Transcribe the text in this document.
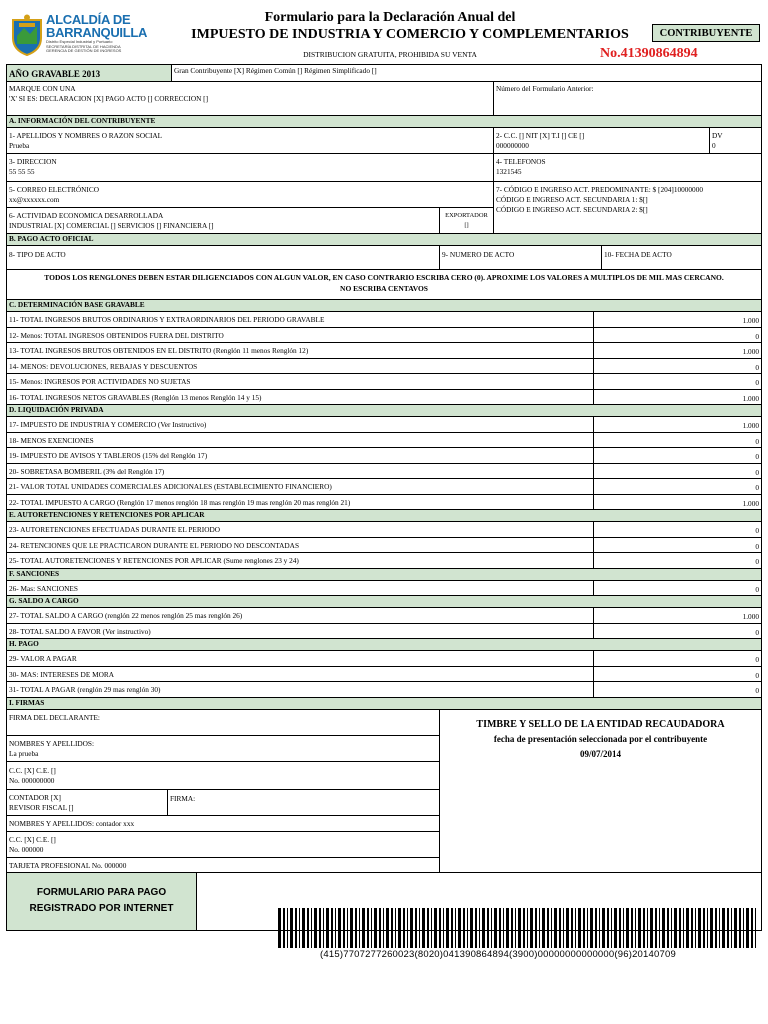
ALCALDÍA DE
BARRANQUILLA
Distrito Especial Industrial y Portuario
SECRETARÍA DISTRITAL DE HACIENDA
GERENCIA DE GESTIÓN DE INGRESOS
Formulario para la Declaración Anual del
IMPUESTO DE INDUSTRIA Y COMERCIO Y COMPLEMENTARIOS
DISTRIBUCION GRATUITA, PROHIBIDA SU VENTA
CONTRIBUYENTE
No.41390864894
AÑO GRAVABLE 2013	Gran Contribuyente [X] Régimen Común [] Régimen Simplificado []
MARQUE CON UNA
'X' SI ES: DECLARACION [X] PAGO ACTO [] CORRECCION []
Número del Formulario Anterior:
A. INFORMACIÓN DEL CONTRIBUYENTE
1- APELLIDOS Y NOMBRES O RAZON SOCIAL
Prueba
2- C.C. [] NIT [X] T.I [] CE []
000000000
DV
0
3- DIRECCION
55 55 55
4- TELEFONOS
1321545
5- CORREO ELECTRÓNICO
xx@xxxxxx.com
6- ACTIVIDAD ECONOMICA DESARROLLADA
INDUSTRIAL [X] COMERCIAL [] SERVICIOS [] FINANCIERA []
EXPORTADOR
[]
7- CÓDIGO E INGRESO ACT. PREDOMINANTE: $ [204]10000000
CÓDIGO E INGRESO ACT. SECUNDARIA 1: $[]
CÓDIGO E INGRESO ACT. SECUNDARIA 2: $[]
B. PAGO ACTO OFICIAL
8- TIPO DE ACTO	9- NUMERO DE ACTO	10- FECHA DE ACTO
TODOS LOS RENGLONES DEBEN ESTAR DILIGENCIADOS CON ALGUN VALOR, EN CASO CONTRARIO ESCRIBA CERO (0). APROXIME LOS VALORES A MULTIPLOS DE MIL MAS CERCANO.
NO ESCRIBA CENTAVOS
C. DETERMINACIÓN BASE GRAVABLE
11- TOTAL INGRESOS BRUTOS ORDINARIOS Y EXTRAORDINARIOS DEL PERIODO GRAVABLE	1.000
12- Menos: TOTAL INGRESOS OBTENIDOS FUERA DEL DISTRITO	0
13- TOTAL INGRESOS BRUTOS OBTENIDOS EN EL DISTRITO (Renglón 11 menos Renglón 12)	1.000
14- MENOS: DEVOLUCIONES, REBAJAS Y DESCUENTOS	0
15- Menos: INGRESOS POR ACTIVIDADES NO SUJETAS	0
16- TOTAL INGRESOS NETOS GRAVABLES (Renglón 13 menos Renglón 14 y 15)	1.000
D. LIQUIDACIÓN PRIVADA
17- IMPUESTO DE INDUSTRIA Y COMERCIO (Ver Instructivo)	1.000
18- MENOS EXENCIONES	0
19- IMPUESTO DE AVISOS Y TABLEROS (15% del Renglón 17)	0
20- SOBRETASA BOMBERIL (3% del Renglón 17)	0
21- VALOR TOTAL UNIDADES COMERCIALES ADICIONALES (ESTABLECIMIENTO FINANCIERO)	0
22- TOTAL IMPUESTO A CARGO (Renglón 17 menos renglón 18 mas renglón 19 mas renglón 20 mas renglón 21)	1.000
E. AUTORETENCIONES Y RETENCIONES POR APLICAR
23- AUTORETENCIONES EFECTUADAS DURANTE EL PERIODO	0
24- RETENCIONES QUE LE PRACTICARON DURANTE EL PERIODO NO DESCONTADAS	0
25- TOTAL AUTORETENCIONES Y RETENCIONES POR APLICAR (Sume renglones 23 y 24)	0
F. SANCIONES
26- Mas: SANCIONES	0
G. SALDO A CARGO
27- TOTAL SALDO A CARGO (renglón 22 menos renglón 25 mas renglón 26)	1.000
28- TOTAL SALDO A FAVOR (Ver instructivo)	0
H. PAGO
29- VALOR A PAGAR	0
30- MAS: INTERESES DE MORA	0
31- TOTAL A PAGAR (renglón 29 mas renglón 30)	0
I. FIRMAS
FIRMA DEL DECLARANTE:
NOMBRES Y APELLIDOS:
La prueba
C.C. [X] C.E. []
No. 000000000
CONTADOR [X]
REVISOR FISCAL []
FIRMA:
NOMBRES Y APELLIDOS: contador xxx
C.C. [X] C.E. []
No. 000000
TARJETA PROFESIONAL No. 000000
TIMBRE Y SELLO DE LA ENTIDAD RECAUDADORA
fecha de presentación seleccionada por el contribuyente
09/07/2014
FORMULARIO PARA PAGO
REGISTRADO POR INTERNET
(415)7707277260023(8020)041390864894(3900)00000000000000(96)20140709
